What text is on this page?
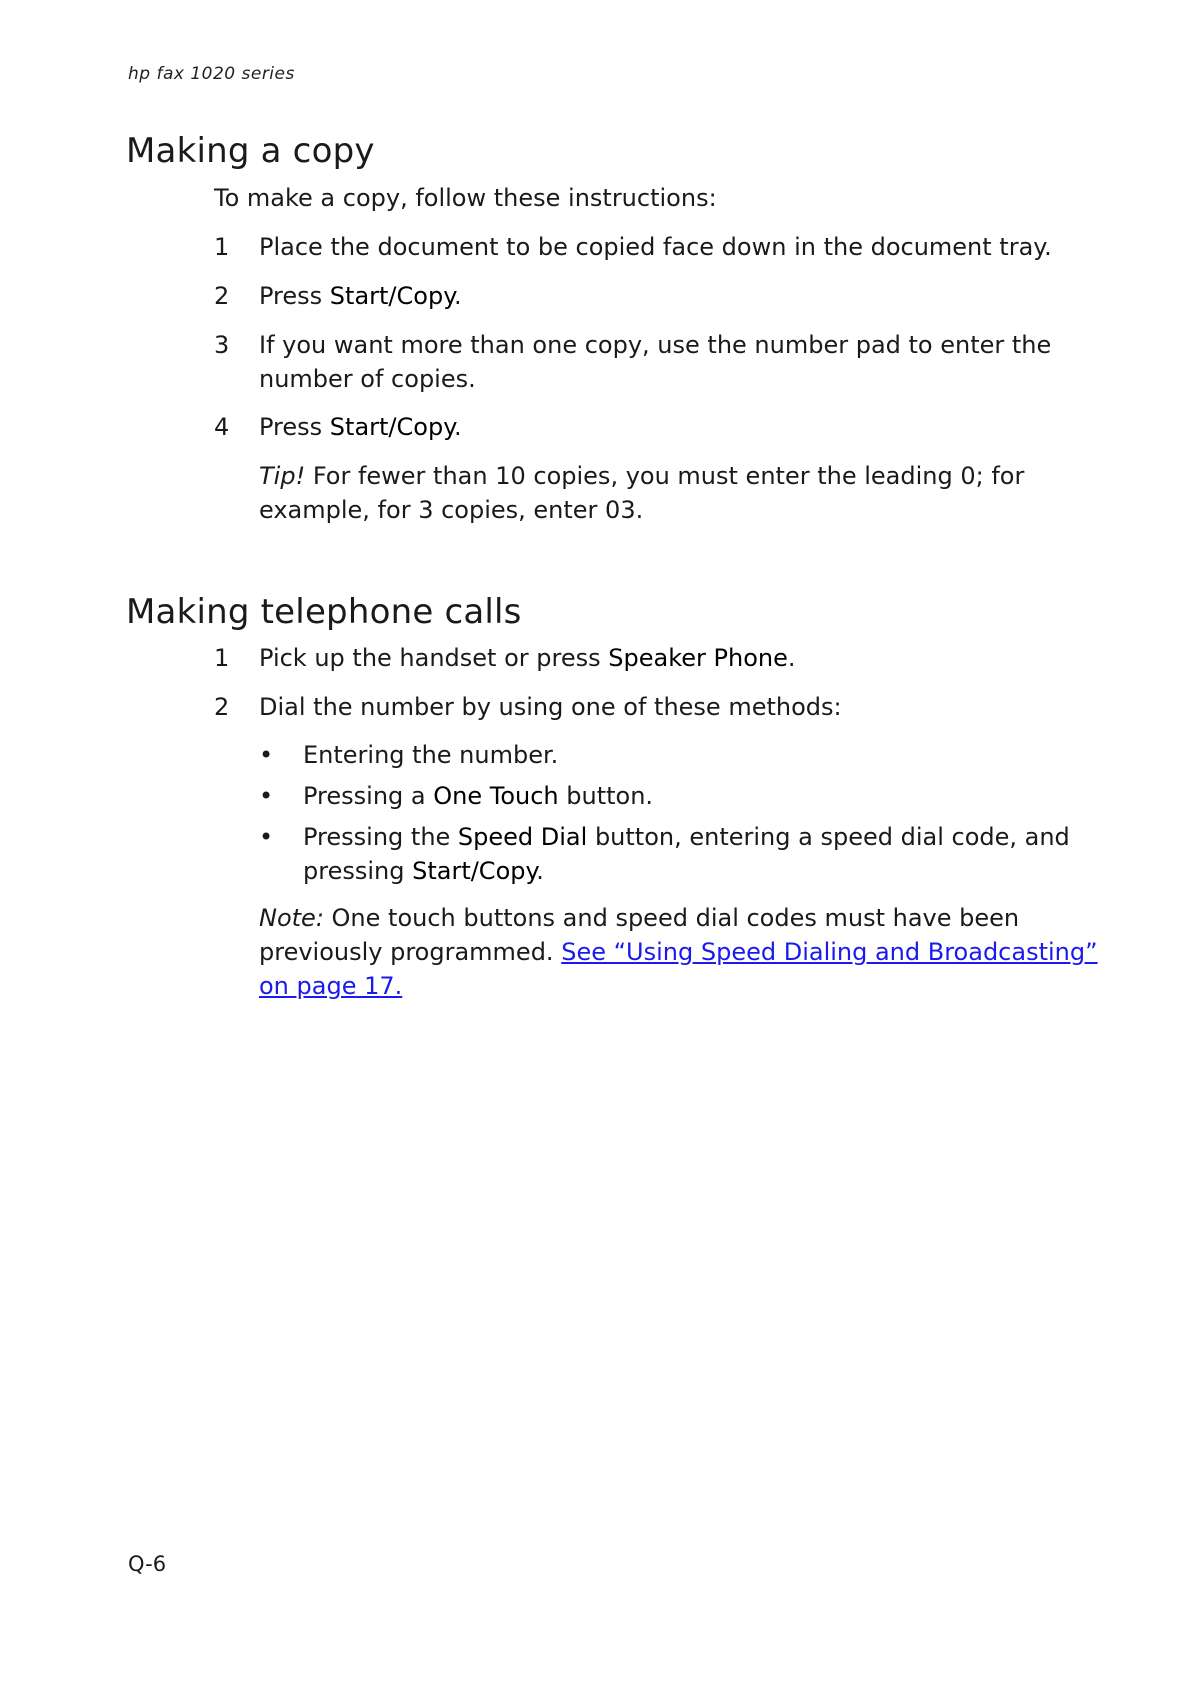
hp fax 1020 series
Making a copy

To make a copy, follow these instructions:

1 Place the document to be copied face down in the document tray.

2 Press Start/Copy.

3 If you want more than one copy, use the number pad to enter the
number of copies.

4 Press Start/Copy.

Tip! For fewer than 10 copies, you must enter the leading 0; for
example, for 3 copies, enter 03.

Making telephone calls
1 Pick up the handset or press Speaker Phone.

2 Dial the number by using one of these methods:

• Entering the number.

• Pressing a One Touch button.

• Pressing the Speed Dial button, entering a speed dial code, and
pressing Start/Copy.

Note: One touch buttons and speed dial codes must have been
previously programmed. See “Using Speed Dialing and Broadcasting”
on page 17.

Q-6
